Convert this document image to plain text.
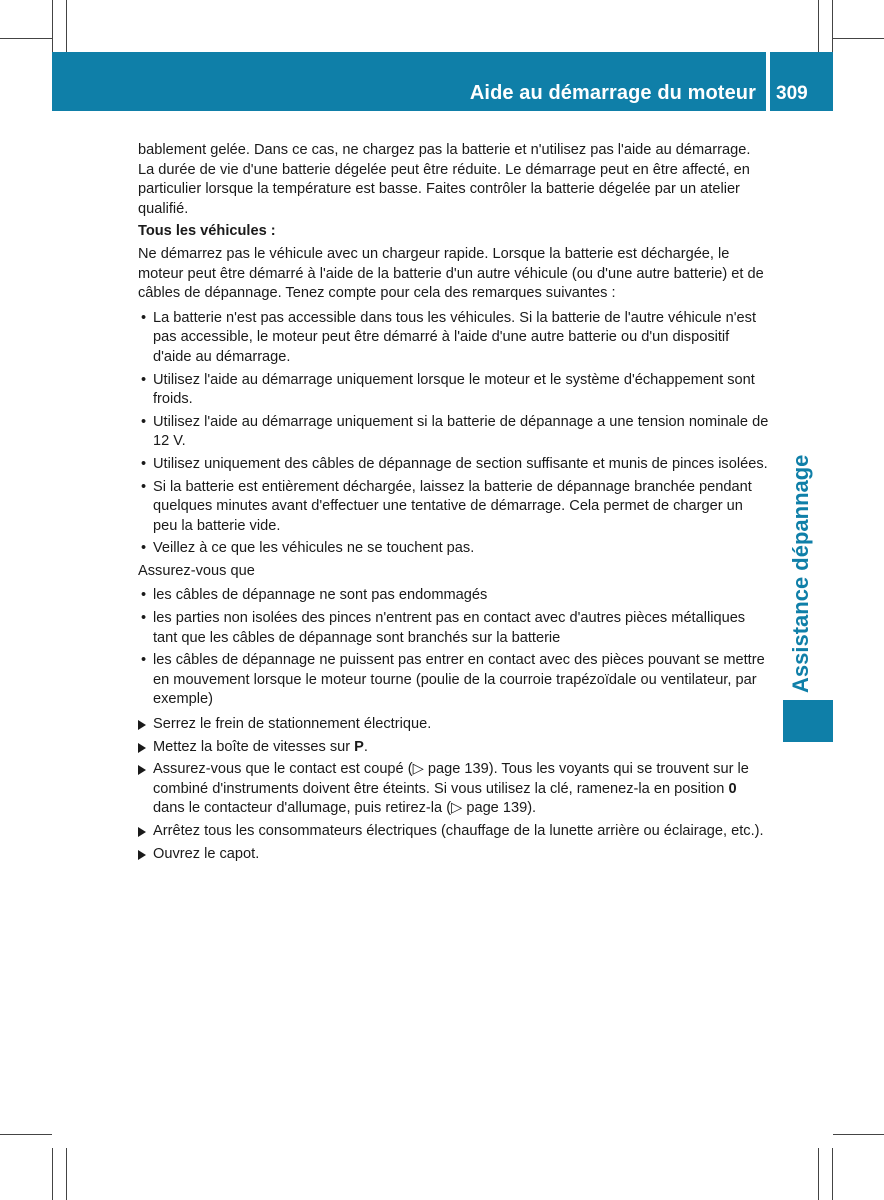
Aide au démarrage du moteur 309
Assistance dépannage

bablement gelée. Dans ce cas, ne chargez pas la batterie et n'utilisez pas l'aide au démarrage. La durée de vie d'une batterie dégelée peut être réduite. Le démarrage peut en être affecté, en particulier lorsque la température est basse. Faites contrôler la batterie dégelée par un atelier qualifié.

Tous les véhicules :

Ne démarrez pas le véhicule avec un chargeur rapide. Lorsque la batterie est déchargée, le moteur peut être démarré à l'aide de la batterie d'un autre véhicule (ou d'une autre batterie) et de câbles de dépannage. Tenez compte pour cela des remarques suivantes :

• La batterie n'est pas accessible dans tous les véhicules. Si la batterie de l'autre véhicule n'est pas accessible, le moteur peut être démarré à l'aide d'une autre batterie ou d'un dispositif d'aide au démarrage.
• Utilisez l'aide au démarrage uniquement lorsque le moteur et le système d'échappement sont froids.
• Utilisez l'aide au démarrage uniquement si la batterie de dépannage a une tension nominale de 12 V.
• Utilisez uniquement des câbles de dépannage de section suffisante et munis de pinces isolées.
• Si la batterie est entièrement déchargée, laissez la batterie de dépannage branchée pendant quelques minutes avant d'effectuer une tentative de démarrage. Cela permet de charger un peu la batterie vide.
• Veillez à ce que les véhicules ne se touchent pas.

Assurez-vous que

• les câbles de dépannage ne sont pas endommagés
• les parties non isolées des pinces n'entrent pas en contact avec d'autres pièces métalliques tant que les câbles de dépannage sont branchés sur la batterie
• les câbles de dépannage ne puissent pas entrer en contact avec des pièces pouvant se mettre en mouvement lorsque le moteur tourne (poulie de la courroie trapézoïdale ou ventilateur, par exemple)
Serrez le frein de stationnement électrique.
Mettez la boîte de vitesses sur P.
Assurez-vous que le contact est coupé (▷ page 139). Tous les voyants qui se trouvent sur le combiné d'instruments doivent être éteints. Si vous utilisez la clé, ramenez-la en position 0 dans le contacteur d'allumage, puis retirez-la (▷ page 139).
Arrêtez tous les consommateurs électriques (chauffage de la lunette arrière ou éclairage, etc.).
Ouvrez le capot.
